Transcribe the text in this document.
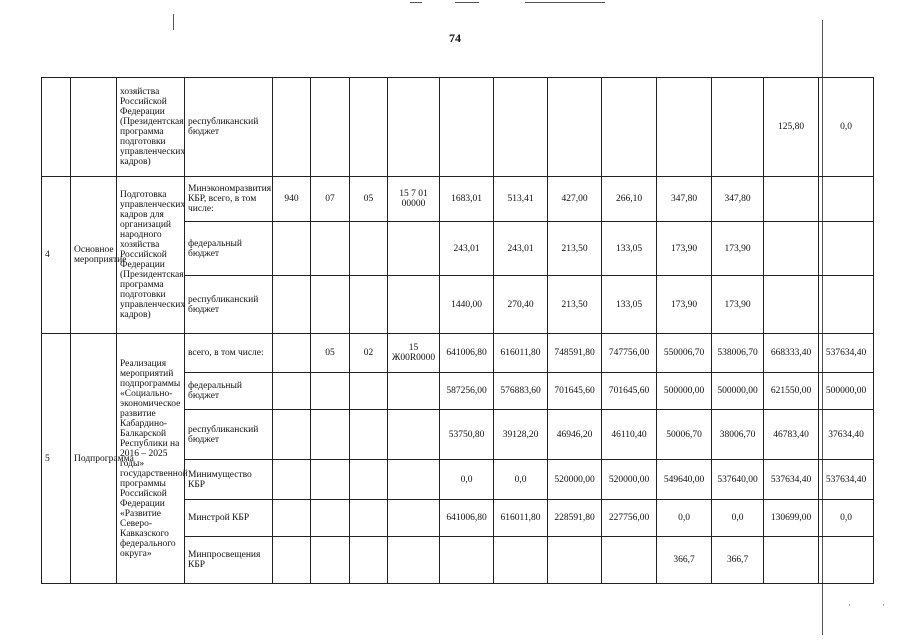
·	·
74
		хозяйства Российской Федерации (Президентская программа подготовки управленческих кадров)	республиканский бюджет											125,80	0,0
4	Основное мероприятие	Подготовка управленческих кадров для организаций народного хозяйства Российской Федерации (Президентская программа подготовки управленческих кадров)	Минэкономразвития КБР, всего, в том числе:	940	07	05	15 7 01 00000	1683,01	513,41	427,00	266,10	347,80	347,80		
			федеральный бюджет					243,01	243,01	213,50	133,05	173,90	173,90		
			республиканский бюджет					1440,00	270,40	213,50	133,05	173,90	173,90		
5	Подпрограмма	Реализация мероприятий подпрограммы «Социально-экономическое развитие Кабардино-Балкарской Республики на 2016 – 2025 годы» государственной программы Российской Федерации «Развитие Северо-Кавказского федерального округа»	всего, в том числе:		05	02	15 Ж00R0000	641006,80	616011,80	748591,80	747756,00	550006,70	538006,70	668333,40	537634,40
			федеральный бюджет					587256,00	576883,60	701645,60	701645,60	500000,00	500000,00	621550,00	500000,00
			республиканский бюджет					53750,80	39128,20	46946,20	46110,40	50006,70	38006,70	46783,40	37634,40
			Минимущество КБР					0,0	0,0	520000,00	520000,00	549640,00	537640,00	537634,40	537634,40
			Минстрой КБР					641006,80	616011,80	228591,80	227756,00	0,0	0,0	130699,00	0,0
			Минпросвещения КБР									366,7	366,7		
